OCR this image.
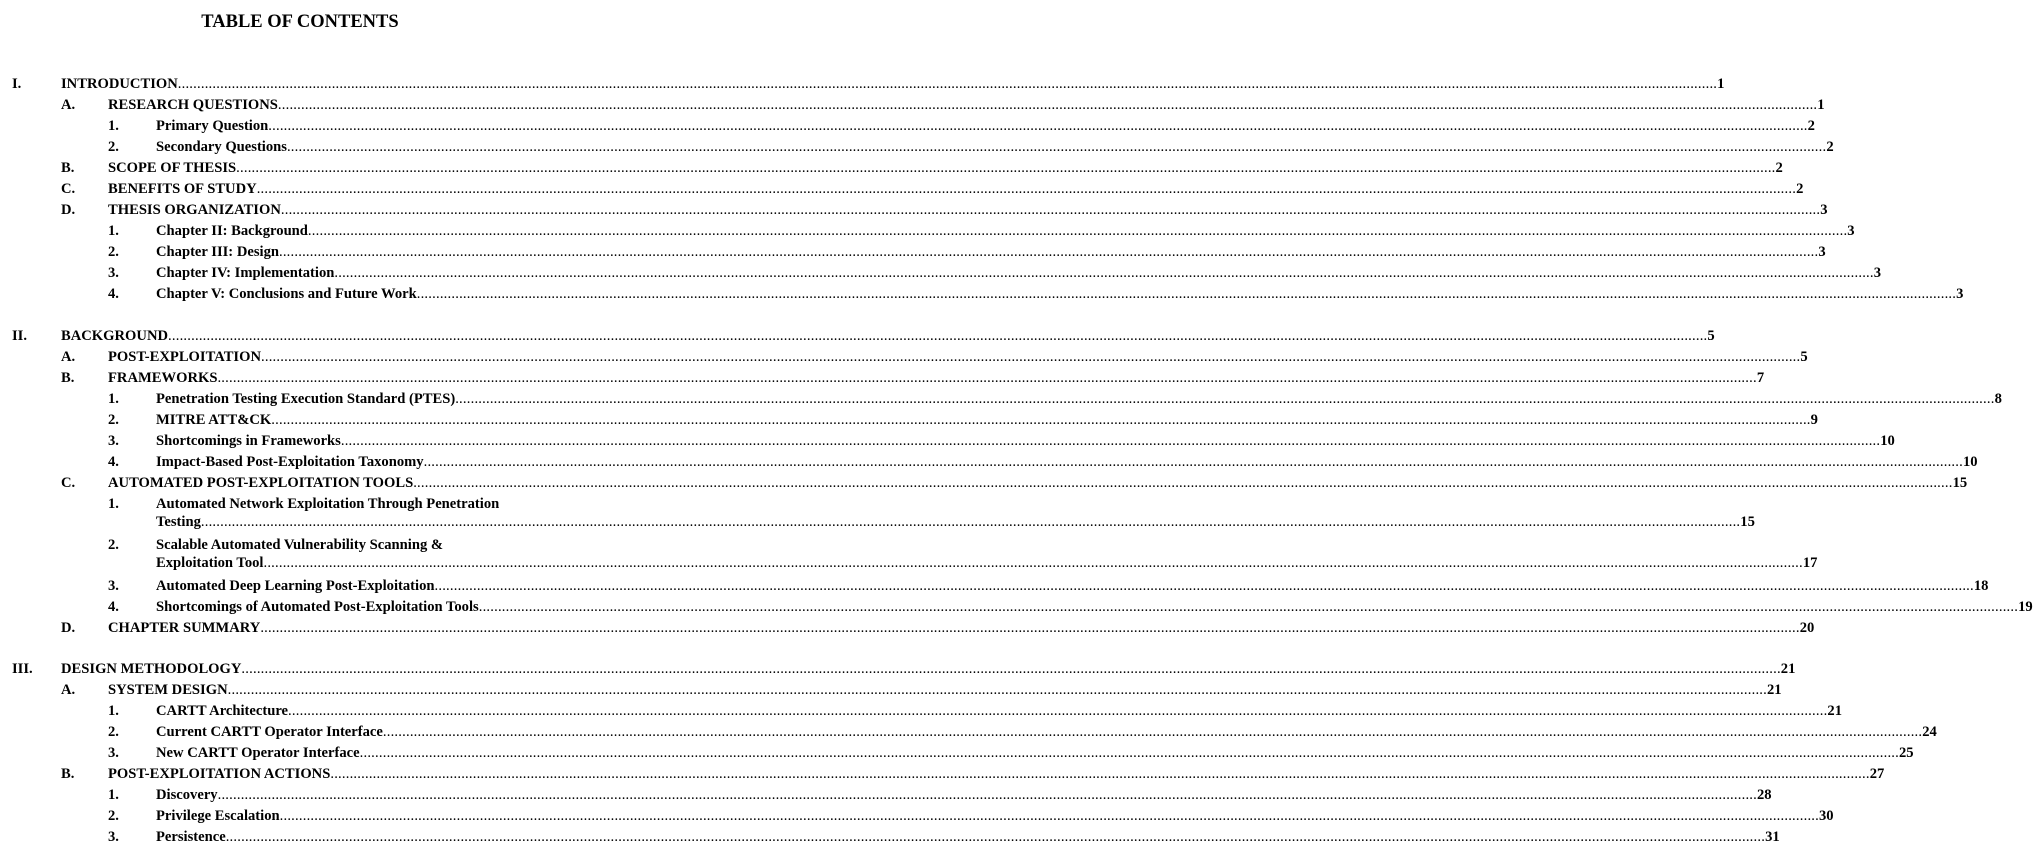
TABLE OF CONTENTS
I.	INTRODUCTION ................................................................................................................................................................................................................................................................................................................................................................................................................ 1
A. RESEARCH QUESTIONS ................................................................................................................................................................................................................................................................................................................................................................................................................ 1
1.	Primary Question ................................................................................................................................................................................................................................................................................................................................................................................................................ 2
2.	Secondary Questions ................................................................................................................................................................................................................................................................................................................................................................................................................ 2
B. SCOPE OF THESIS ................................................................................................................................................................................................................................................................................................................................................................................................................ 2
C. BENEFITS OF STUDY ................................................................................................................................................................................................................................................................................................................................................................................................................ 2
D. THESIS ORGANIZATION ................................................................................................................................................................................................................................................................................................................................................................................................................ 3
1.	Chapter II: Background ................................................................................................................................................................................................................................................................................................................................................................................................................ 3
2.	Chapter III: Design ................................................................................................................................................................................................................................................................................................................................................................................................................ 3
3.	Chapter IV: Implementation ................................................................................................................................................................................................................................................................................................................................................................................................................ 3
4.	Chapter V: Conclusions and Future Work ................................................................................................................................................................................................................................................................................................................................................................................................................ 3
II. BACKGROUND ................................................................................................................................................................................................................................................................................................................................................................................................................ 5
A. POST-EXPLOITATION ................................................................................................................................................................................................................................................................................................................................................................................................................ 5
B. FRAMEWORKS ................................................................................................................................................................................................................................................................................................................................................................................................................ 7
1.	Penetration Testing Execution Standard (PTES) ................................................................................................................................................................................................................................................................................................................................................................................................................ 8
2.	MITRE ATT&CK ................................................................................................................................................................................................................................................................................................................................................................................................................ 9
3.	Shortcomings in Frameworks ................................................................................................................................................................................................................................................................................................................................................................................................................ 10
4.	Impact-Based Post-Exploitation Taxonomy ................................................................................................................................................................................................................................................................................................................................................................................................................ 10
C. AUTOMATED POST-EXPLOITATION TOOLS ................................................................................................................................................................................................................................................................................................................................................................................................................ 15
1.	Automated Network Exploitation Through Penetration
Testing ................................................................................................................................................................................................................................................................................................................................................................................................................ 15
2.	Scalable Automated Vulnerability Scanning &
Exploitation Tool ................................................................................................................................................................................................................................................................................................................................................................................................................ 17
3.	Automated Deep Learning Post-Exploitation ................................................................................................................................................................................................................................................................................................................................................................................................................ 18
4.	Shortcomings of Automated Post-Exploitation Tools ................................................................................................................................................................................................................................................................................................................................................................................................................ 19
D. CHAPTER SUMMARY ................................................................................................................................................................................................................................................................................................................................................................................................................ 20
III. DESIGN METHODOLOGY ................................................................................................................................................................................................................................................................................................................................................................................................................ 21
A. SYSTEM DESIGN ................................................................................................................................................................................................................................................................................................................................................................................................................ 21
1.	CARTT Architecture ................................................................................................................................................................................................................................................................................................................................................................................................................ 21
2.	Current CARTT Operator Interface ................................................................................................................................................................................................................................................................................................................................................................................................................ 24
3.	New CARTT Operator Interface ................................................................................................................................................................................................................................................................................................................................................................................................................ 25
B. POST-EXPLOITATION ACTIONS ................................................................................................................................................................................................................................................................................................................................................................................................................ 27
1.	Discovery ................................................................................................................................................................................................................................................................................................................................................................................................................ 28
2.	Privilege Escalation ................................................................................................................................................................................................................................................................................................................................................................................................................ 30
3.	Persistence ................................................................................................................................................................................................................................................................................................................................................................................................................ 31
